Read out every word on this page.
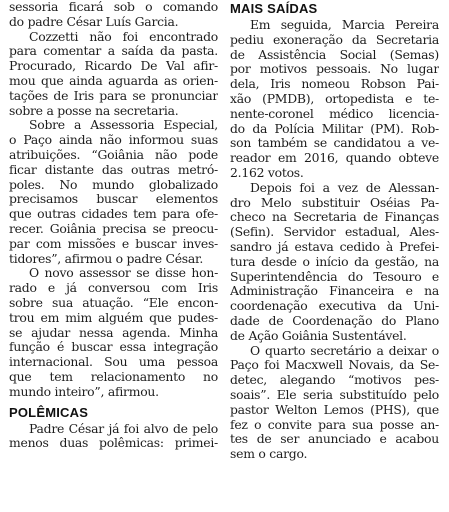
sessoria ficará sob o comando
do padre César Luís Garcia.
Cozzetti não foi encontrado
para comentar a saída da pasta.
Procurado, Ricardo De Val afir-
mou que ainda aguarda as orien-
tações de Iris para se pronunciar
sobre a posse na secretaria.
Sobre a Assessoria Especial,
o Paço ainda não informou suas
atribuições. “Goiânia não pode
ficar distante das outras metró-
poles. No mundo globalizado
precisamos buscar elementos
que outras cidades tem para ofe-
recer. Goiânia precisa se preocu-
par com missões e buscar inves-
tidores”, afirmou o padre César.
O novo assessor se disse hon-
rado e já conversou com Iris
sobre sua atuação. “Ele encon-
trou em mim alguém que pudes-
se ajudar nessa agenda. Minha
função é buscar essa integração
internacional. Sou uma pessoa
que tem relacionamento no
mundo inteiro”, afirmou.
POLÊMICAS
Padre César já foi alvo de pelo
menos duas polêmicas: primei-
MAIS SAÍDAS
Em seguida, Marcia Pereira
pediu exoneração da Secretaria
de Assistência Social (Semas)
por motivos pessoais. No lugar
dela, Iris nomeou Robson Pai-
xão (PMDB), ortopedista e te-
nente-coronel médico licencia-
do da Polícia Militar (PM). Rob-
son também se candidatou a ve-
reador em 2016, quando obteve
2.162 votos.
Depois foi a vez de Alessan-
dro Melo substituir Oséias Pa-
checo na Secretaria de Finanças
(Sefin). Servidor estadual, Ales-
sandro já estava cedido à Prefei-
tura desde o início da gestão, na
Superintendência do Tesouro e
Administração Financeira e na
coordenação executiva da Uni-
dade de Coordenação do Plano
de Ação Goiânia Sustentável.
O quarto secretário a deixar o
Paço foi Macxwell Novais, da Se-
detec, alegando “motivos pes-
soais”. Ele seria substituído pelo
pastor Welton Lemos (PHS), que
fez o convite para sua posse an-
tes de ser anunciado e acabou
sem o cargo.
